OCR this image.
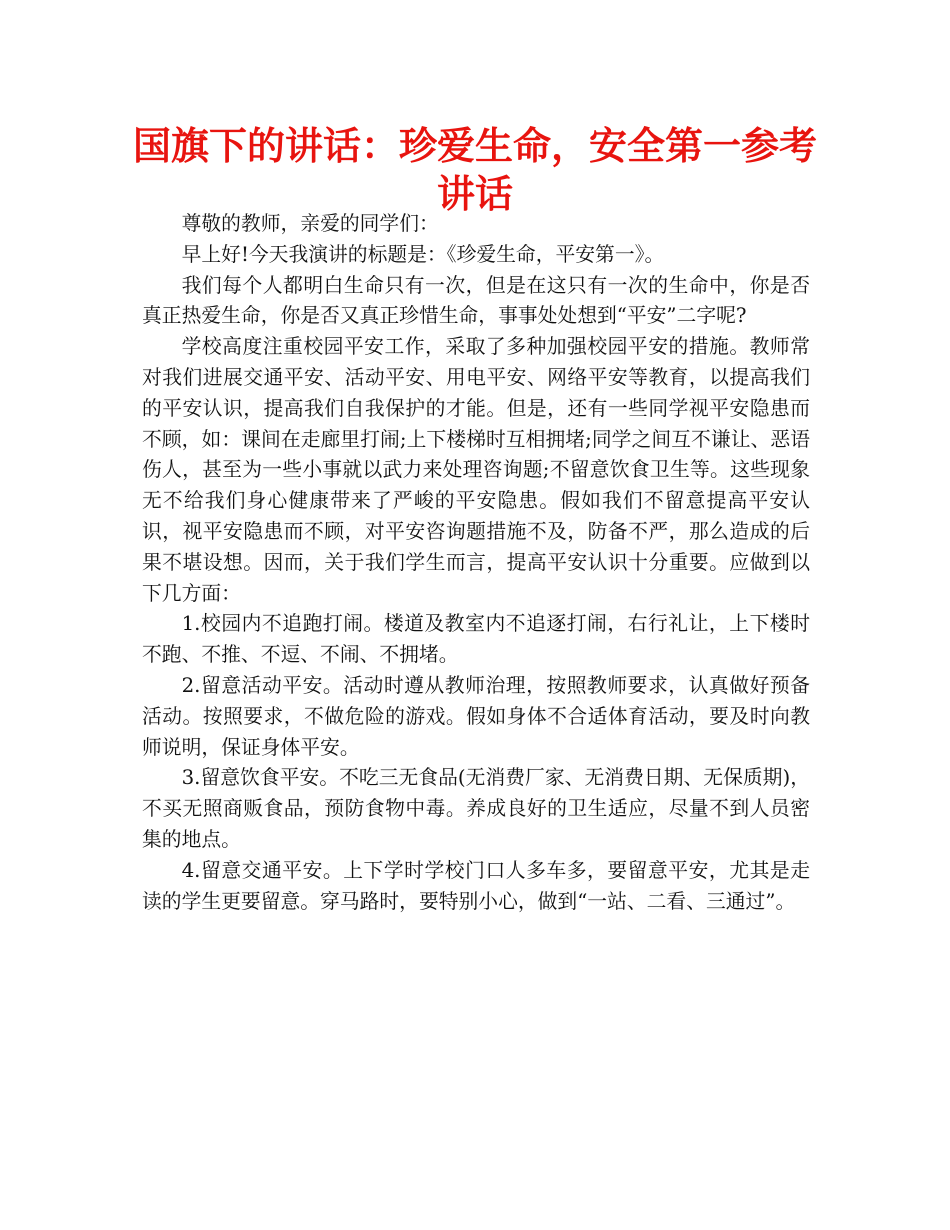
国旗下的讲话：珍爱生命，安全第一参考讲话

尊敬的教师，亲爱的同学们：

早上好!今天我演讲的标题是：《珍爱生命，平安第一》。

我们每个人都明白生命只有一次，但是在这只有一次的生命中，你是否真正热爱生命，你是否又真正珍惜生命，事事处处想到“平安”二字呢?

学校高度注重校园平安工作，采取了多种加强校园平安的措施。教师常对我们进展交通平安、活动平安、用电平安、网络平安等教育，以提高我们的平安认识，提高我们自我保护的才能。但是，还有一些同学视平安隐患而不顾，如：课间在走廊里打闹;上下楼梯时互相拥堵;同学之间互不谦让、恶语伤人，甚至为一些小事就以武力来处理咨询题;不留意饮食卫生等。这些现象无不给我们身心健康带来了严峻的平安隐患。假如我们不留意提高平安认识，视平安隐患而不顾，对平安咨询题措施不及，防备不严，那么造成的后果不堪设想。因而，关于我们学生而言，提高平安认识十分重要。应做到以下几方面：

1.校园内不追跑打闹。楼道及教室内不追逐打闹，右行礼让，上下楼时不跑、不推、不逗、不闹、不拥堵。

2.留意活动平安。活动时遵从教师治理，按照教师要求，认真做好预备活动。按照要求，不做危险的游戏。假如身体不合适体育活动，要及时向教师说明，保证身体平安。

3.留意饮食平安。不吃三无食品(无消费厂家、无消费日期、无保质期)，不买无照商贩食品，预防食物中毒。养成良好的卫生适应，尽量不到人员密集的地点。

4.留意交通平安。上下学时学校门口人多车多，要留意平安，尤其是走读的学生更要留意。穿马路时，要特别小心，做到“一站、二看、三通过”。
